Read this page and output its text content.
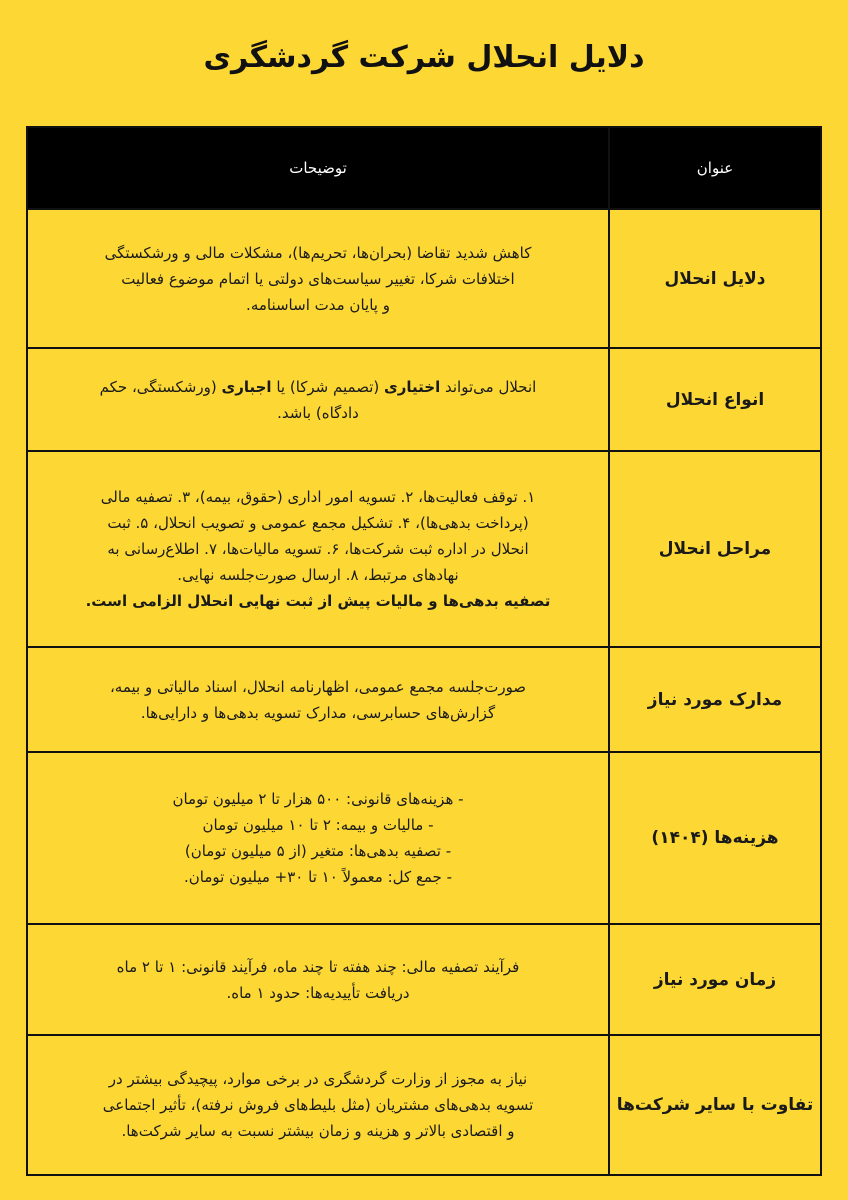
دلایل انحلال شرکت گردشگری
عنوان	توضیحات
دلایل انحلال	کاهش شدید تقاضا (بحران‌ها، تحریم‌ها)، مشکلات مالی و ورشکستگی
اختلافات شرکا، تغییر سیاست‌های دولتی یا اتمام موضوع فعالیت
و پایان مدت اساسنامه.

انواع انحلال	انحلال می‌تواند اختیاری (تصمیم شرکا) یا اجباری (ورشکستگی، حکم
دادگاه) باشد.

مراحل انحلال	۱. توقف فعالیت‌ها، ۲. تسویه امور اداری (حقوق، بیمه)، ۳. تصفیه مالی
(پرداخت بدهی‌ها)، ۴. تشکیل مجمع عمومی و تصویب انحلال، ۵. ثبت
انحلال در اداره ثبت شرکت‌ها، ۶. تسویه مالیات‌ها، ۷. اطلاع‌رسانی به
نهادهای مرتبط، ۸. ارسال صورت‌جلسه نهایی.
تصفیه بدهی‌ها و مالیات پیش از ثبت نهایی انحلال الزامی است.

مدارک مورد نیاز	صورت‌جلسه مجمع عمومی، اظهارنامه انحلال، اسناد مالیاتی و بیمه،
گزارش‌های حسابرسی، مدارک تسویه بدهی‌ها و دارایی‌ها.

هزینه‌ها (۱۴۰۴)	- هزینه‌های قانونی: ۵۰۰ هزار تا ۲ میلیون تومان
- مالیات و بیمه: ۲ تا ۱۰ میلیون تومان
- تصفیه بدهی‌ها: متغیر (از ۵ میلیون تومان)
- جمع کل: معمولاً ۱۰ تا ۳۰+ میلیون تومان.

زمان مورد نیاز	فرآیند تصفیه مالی: چند هفته تا چند ماه، فرآیند قانونی: ۱ تا ۲ ماه
دریافت تأییدیه‌ها: حدود ۱ ماه.

تفاوت با سایر شرکت‌ها	نیاز به مجوز از وزارت گردشگری در برخی موارد، پیچیدگی بیشتر در
تسویه بدهی‌های مشتریان (مثل بلیط‌های فروش نرفته)، تأثیر اجتماعی
و اقتصادی بالاتر و هزینه و زمان بیشتر نسبت به سایر شرکت‌ها.
